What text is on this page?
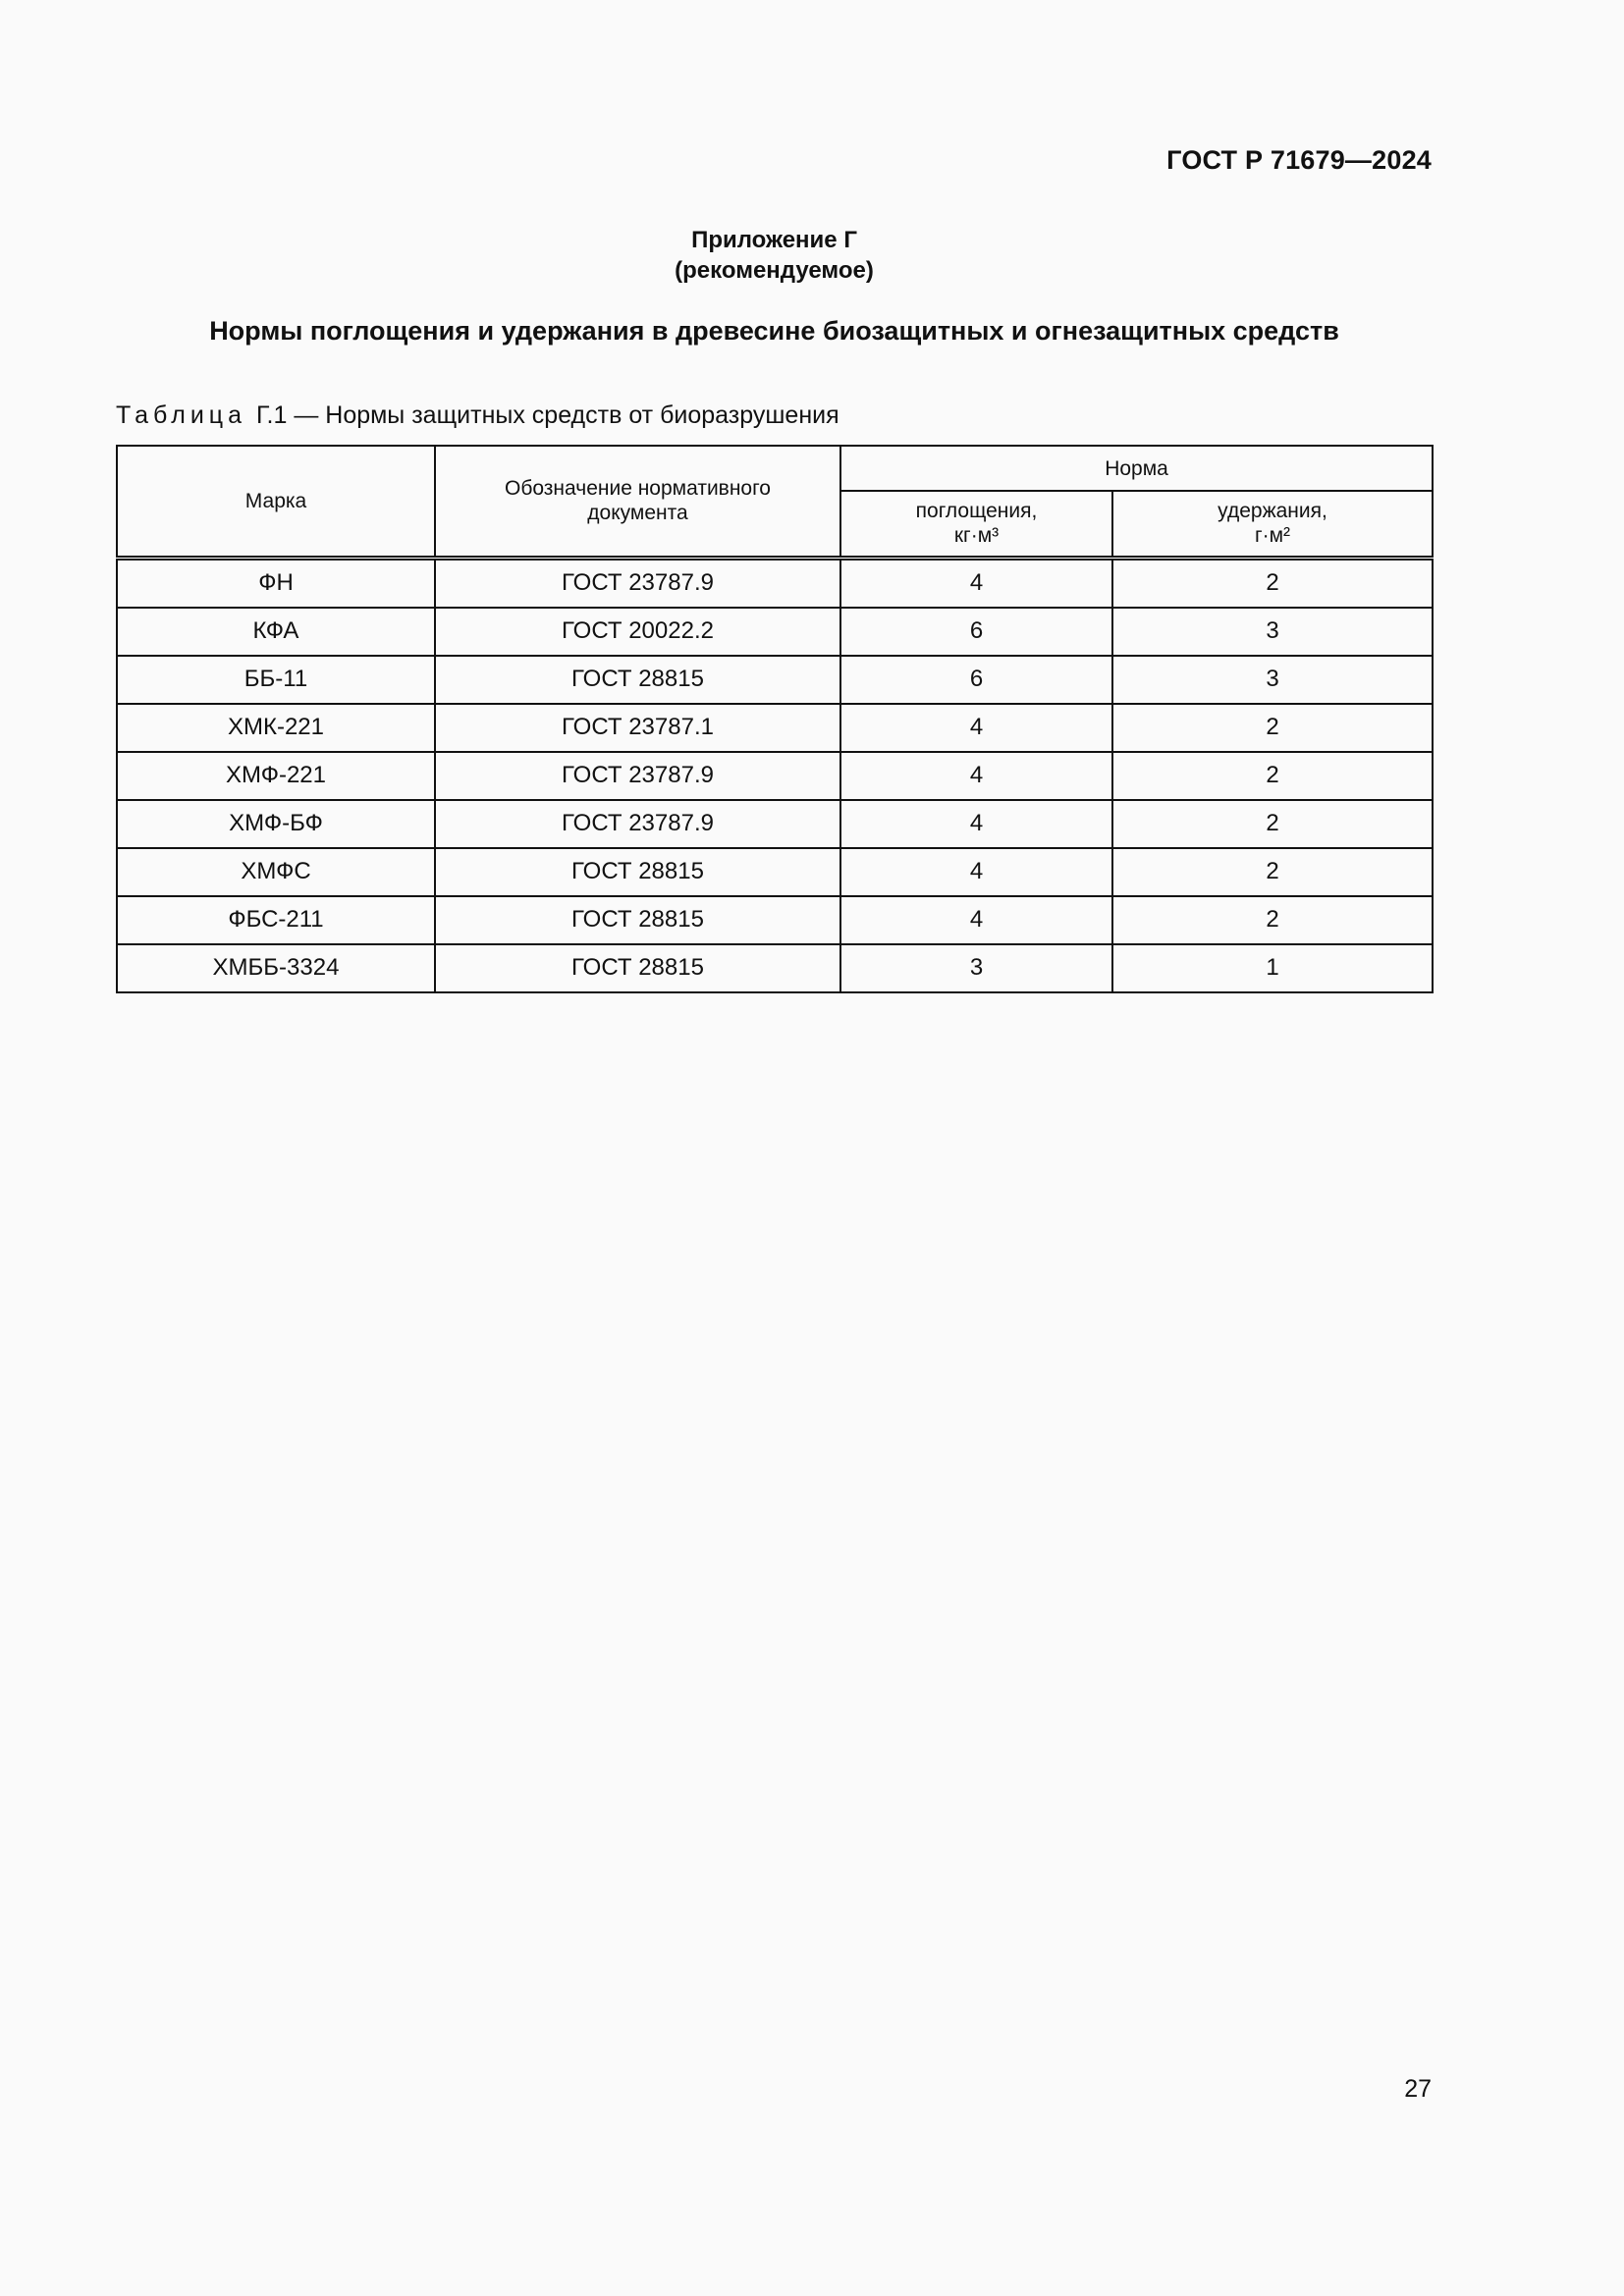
ГОСТ Р 71679—2024
Приложение Г
(рекомендуемое)
Нормы поглощения и удержания в древесине биозащитных и огнезащитных средств
Таблица Г.1 — Нормы защитных средств от биоразрушения
Марка	Обозначение нормативного документа	Норма	

		поглощения, кг·м³	удержания, г·м²

ФН	ГОСТ 23787.9	4	2
КФА	ГОСТ 20022.2	6	3
ББ-11	ГОСТ 28815	6	3
ХМК-221	ГОСТ 23787.1	4	2
ХМФ-221	ГОСТ 23787.9	4	2
ХМФ-БФ	ГОСТ 23787.9	4	2
ХМФС	ГОСТ 28815	4	2
ФБС-211	ГОСТ 28815	4	2
ХМББ-3324	ГОСТ 28815	3	1
27
